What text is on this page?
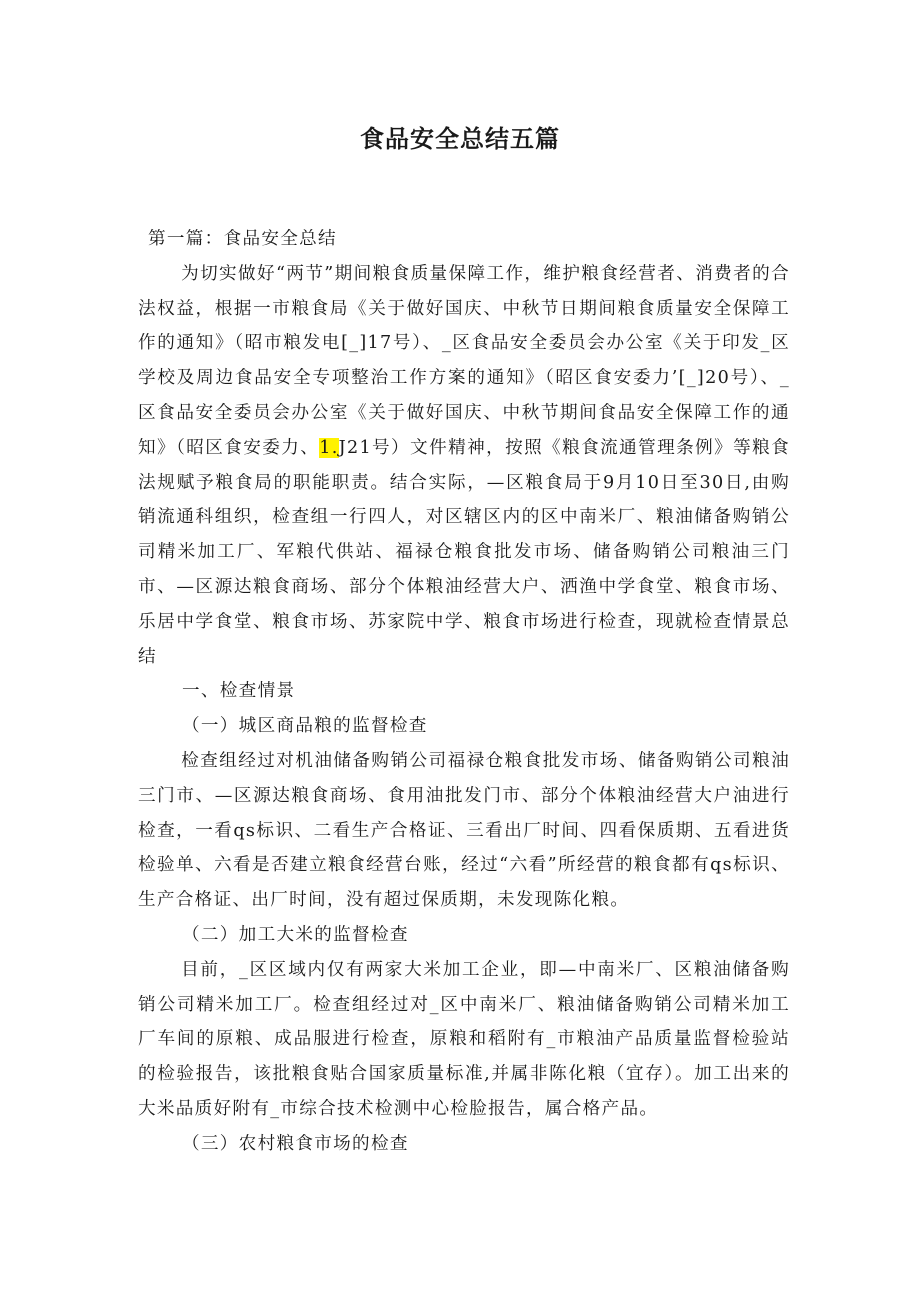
食品安全总结五篇

第一篇：食品安全总结

为切实做好“两节”期间粮食质量保障工作，维护粮食经营者、消费者的合法权益，根据一市粮食局《关于做好国庆、中秋节日期间粮食质量安全保障工作的通知》（昭市粮发电[_]17号）、_区食品安全委员会办公室《关于印发_区学校及周边食品安全专项整治工作方案的通知》（昭区食安委力’[_]20号）、_区食品安全委员会办公室《关于做好国庆、中秋节期间食品安全保障工作的通知》（昭区食安委力、1.J21号）文件精神，按照《粮食流通管理条例》等粮食法规赋予粮食局的职能职责。结合实际，—区粮食局于9月10日至30日,由购销流通科组织，检查组一行四人，对区辖区内的区中南米厂、粮油储备购销公司精米加工厂、军粮代供站、福禄仓粮食批发市场、储备购销公司粮油三门市、—区源达粮食商场、部分个体粮油经营大户、洒渔中学食堂、粮食市场、乐居中学食堂、粮食市场、苏家院中学、粮食市场进行检查，现就检查情景总结

一、检查情景

（一）城区商品粮的监督检查

检查组经过对机油储备购销公司福禄仓粮食批发市场、储备购销公司粮油三门市、—区源达粮食商场、食用油批发门市、部分个体粮油经营大户油进行检查，一看qs标识、二看生产合格证、三看出厂时间、四看保质期、五看进货检验单、六看是否建立粮食经营台账，经过“六看”所经营的粮食都有qs标识、生产合格证、出厂时间，没有超过保质期，未发现陈化粮。

（二）加工大米的监督检查

目前，_区区域内仅有两家大米加工企业，即—中南米厂、区粮油储备购销公司精米加工厂。检查组经过对_区中南米厂、粮油储备购销公司精米加工厂车间的原粮、成品服进行检查，原粮和稻附有_市粮油产品质量监督检验站的检验报告，该批粮食贴合国家质量标准,并属非陈化粮（宜存）。加工出来的大米品质好附有_市综合技术检测中心检脸报告，属合格产品。

（三）农村粮食市场的检查
